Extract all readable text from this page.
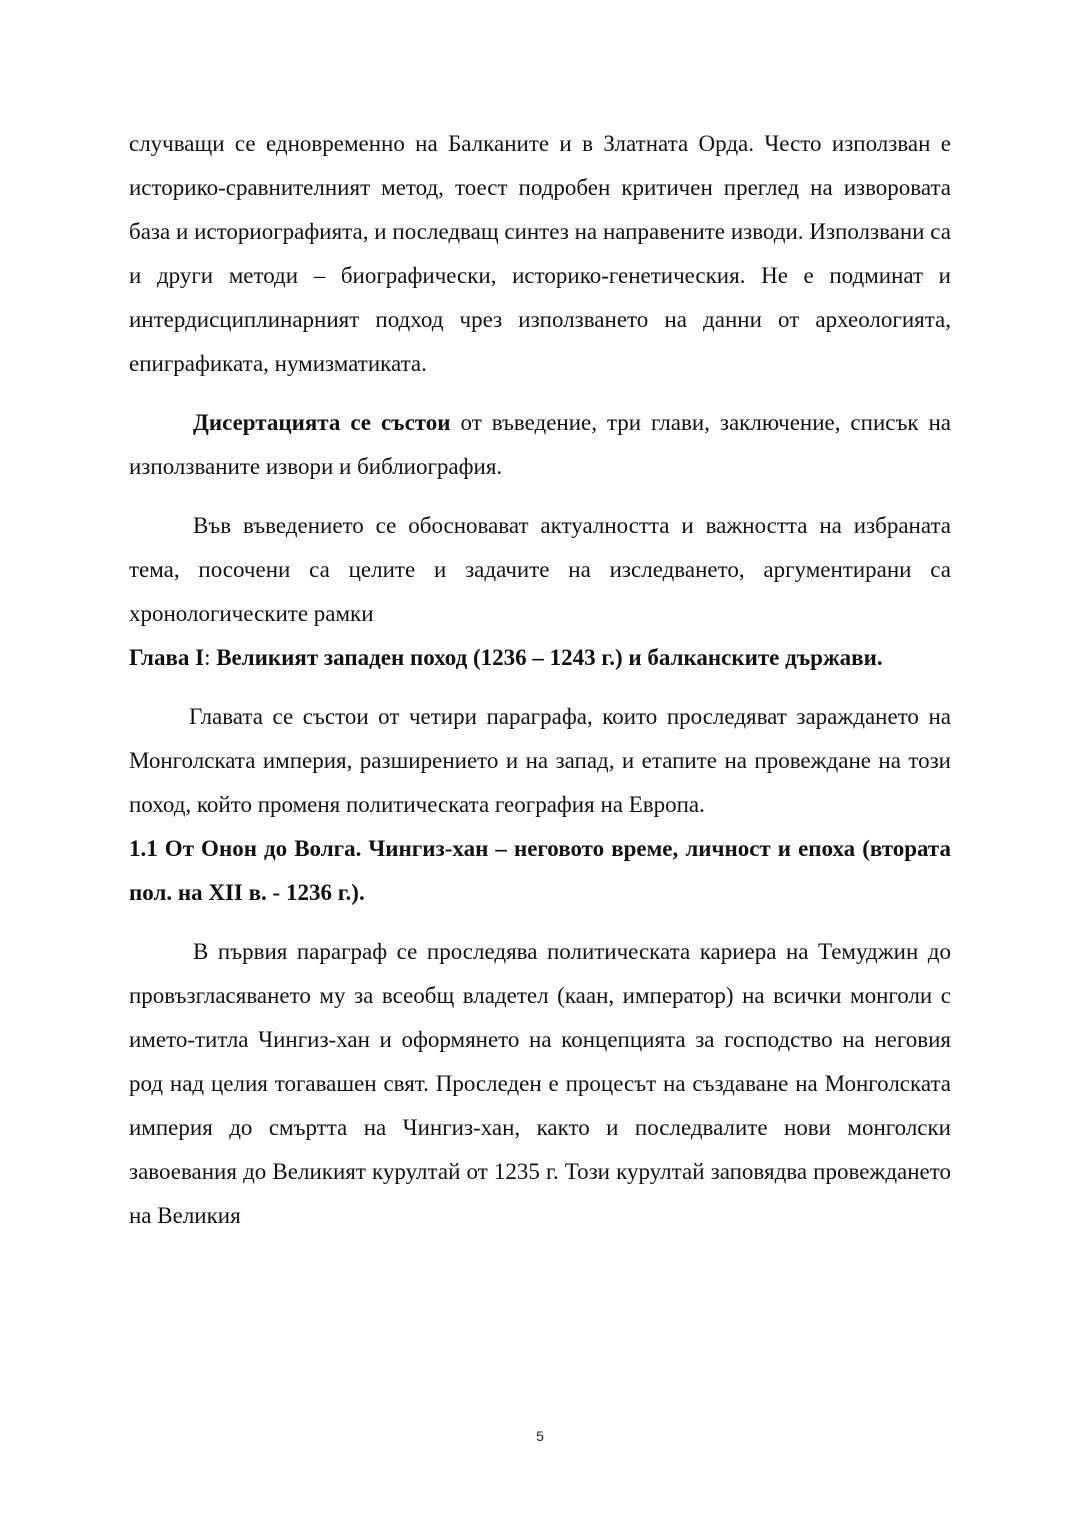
случващи се едновременно на Балканите и в Златната Орда. Често използван е историко-сравнителният метод, тоест подробен критичен преглед на изворовата база и историографията, и последващ синтез на направените изводи. Използвани са и други методи – биографически, историко-генетическия. Не е подминат и интердисциплинарният подход чрез използването на данни от археологията, епиграфиката, нумизматиката.

Дисертацията се състои от въведение, три глави, заключение, списък на използваните извори и библиография.

Във въведението се обосновават актуалността и важността на избраната тема, посочени са целите и задачите на изследването, аргументирани са хронологическите рамки

Глава I: Великият западен поход (1236 – 1243 г.) и балканските държави.

Главата се състои от четири параграфа, които проследяват зараждането на Монголската империя, разширението и на запад, и етапите на провеждане на този поход, който променя политическата география на Европа.

1.1 От Онон до Волга. Чингиз-хан – неговото време, личност и епоха (втората пол. на XII в. - 1236 г.).

В първия параграф се проследява политическата кариера на Темуджин до провъзгласяването му за всеобщ владетел (каан, император) на всички монголи с името-титла Чингиз-хан и оформянето на концепцията за господство на неговия род над целия тогавашен свят. Проследен е процесът на създаване на Монголската империя до смъртта на Чингиз-хан, както и последвалите нови монголски завоевания до Великият курултай от 1235 г. Този курултай заповядва провеждането на Великия

5
